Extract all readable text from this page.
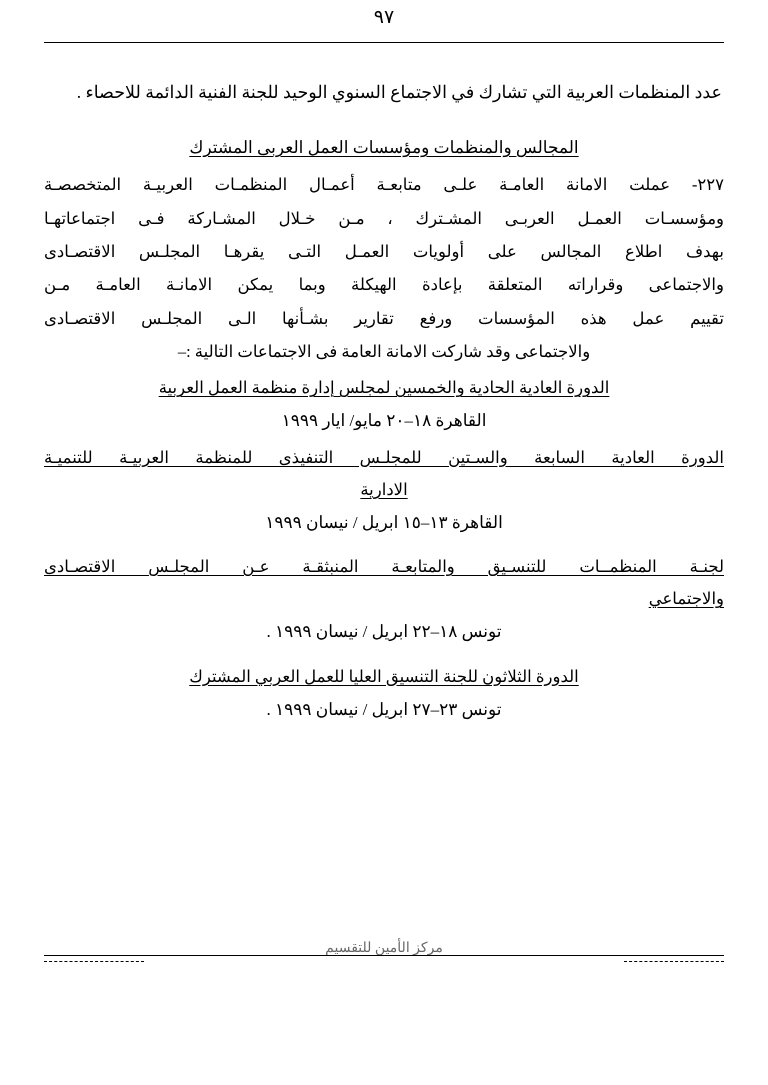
٩٧

عدد المنظمات العربية التي تشارك في الاجتماع السنوي الوحيد للجنة الفنية الدائمة للاحصاء .

المجالس والمنظمات ومؤسسات العمل العربى المشترك
٢٢٧- عملت الامانة العامـة علـى متابعـة أعمـال المنظمـات العربيـة المتخصصـة
ومؤسسـات العمـل العربـى المشـترك ، مـن خـلال المشـاركة فـى اجتماعاتهـا
بهدف اطلاع المجالس على أولويات العمـل التـى يقرهـا المجلـس الاقتصـادى
والاجتماعى وقراراته المتعلقة بإعادة الهيكلة وبما يمكن الامانـة العامـة مـن
تقييم عمل هذه المؤسسات ورفع تقارير بشـأنها الـى المجلـس الاقتصـادى
والاجتماعى وقد شاركت الامانة العامة فى الاجتماعات التالية :–
الدورة العادية الحادية والخمسين لمجلس إدارة منظمة العمل العربية
القاهرة ١٨–٢٠ مايو/ ايار ١٩٩٩
الدورة العادية السابعة والسـتين للمجلـس التنفيذى للمنظمة العربيـة للتنميـة
الادارية
القاهرة ١٣–١٥ ابريل / نيسان ١٩٩٩
لجنـة المنظمــات للتنسـيق والمتابعـة المنبثقـة عـن المجلـس الاقتصـادى
والاجتماعي
تونس ١٨–٢٢ ابريل / نيسان ١٩٩٩ .
الدورة الثلاثون للجنة التنسيق العليا للعمل العربي المشترك
تونس ٢٣–٢٧ ابريل / نيسان ١٩٩٩ .
مركز الأمين للتقسيم
